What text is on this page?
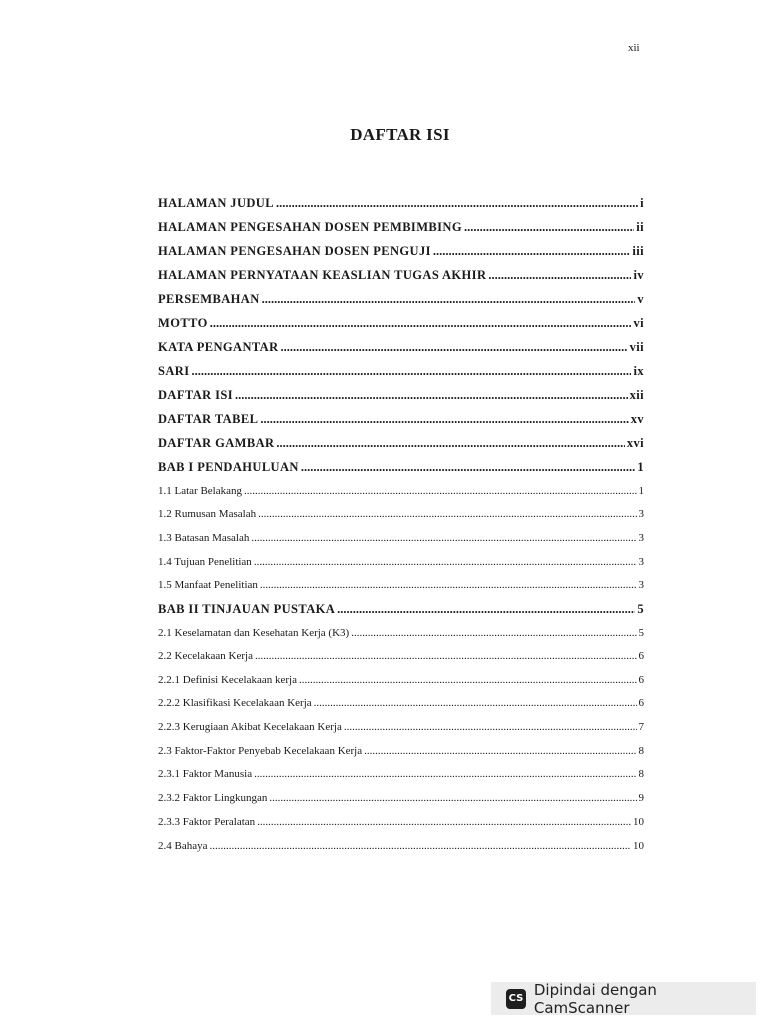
xii
DAFTAR ISI
HALAMAN JUDUL .....	i
HALAMAN PENGESAHAN DOSEN PEMBIMBING .....	ii
HALAMAN PENGESAHAN DOSEN PENGUJI .....	iii
HALAMAN PERNYATAAN KEASLIAN TUGAS AKHIR .....	iv
PERSEMBAHAN .....	v
MOTTO .....	vi
KATA PENGANTAR .....	vii
SARI .....	ix
DAFTAR ISI .....	xii
DAFTAR TABEL .....	xv
DAFTAR GAMBAR .....	xvi
BAB I PENDAHULUAN .....	1
1.1 Latar Belakang .....	1
1.2 Rumusan Masalah .....	3
1.3 Batasan Masalah .....	3
1.4 Tujuan Penelitian .....	3
1.5 Manfaat Penelitian .....	3
BAB II TINJAUAN PUSTAKA .....	5
2.1 Keselamatan dan Kesehatan Kerja (K3) .....	5
2.2 Kecelakaan Kerja .....	6
2.2.1 Definisi Kecelakaan kerja .....	6
2.2.2 Klasifikasi Kecelakaan Kerja .....	6
2.2.3 Kerugiaan Akibat Kecelakaan Kerja .....	7
2.3 Faktor-Faktor Penyebab Kecelakaan Kerja .....	8
2.3.1 Faktor Manusia .....	8
2.3.2 Faktor Lingkungan .....	9
2.3.3 Faktor Peralatan .....	10
2.4 Bahaya .....	10
CS Dipindai dengan CamScanner
